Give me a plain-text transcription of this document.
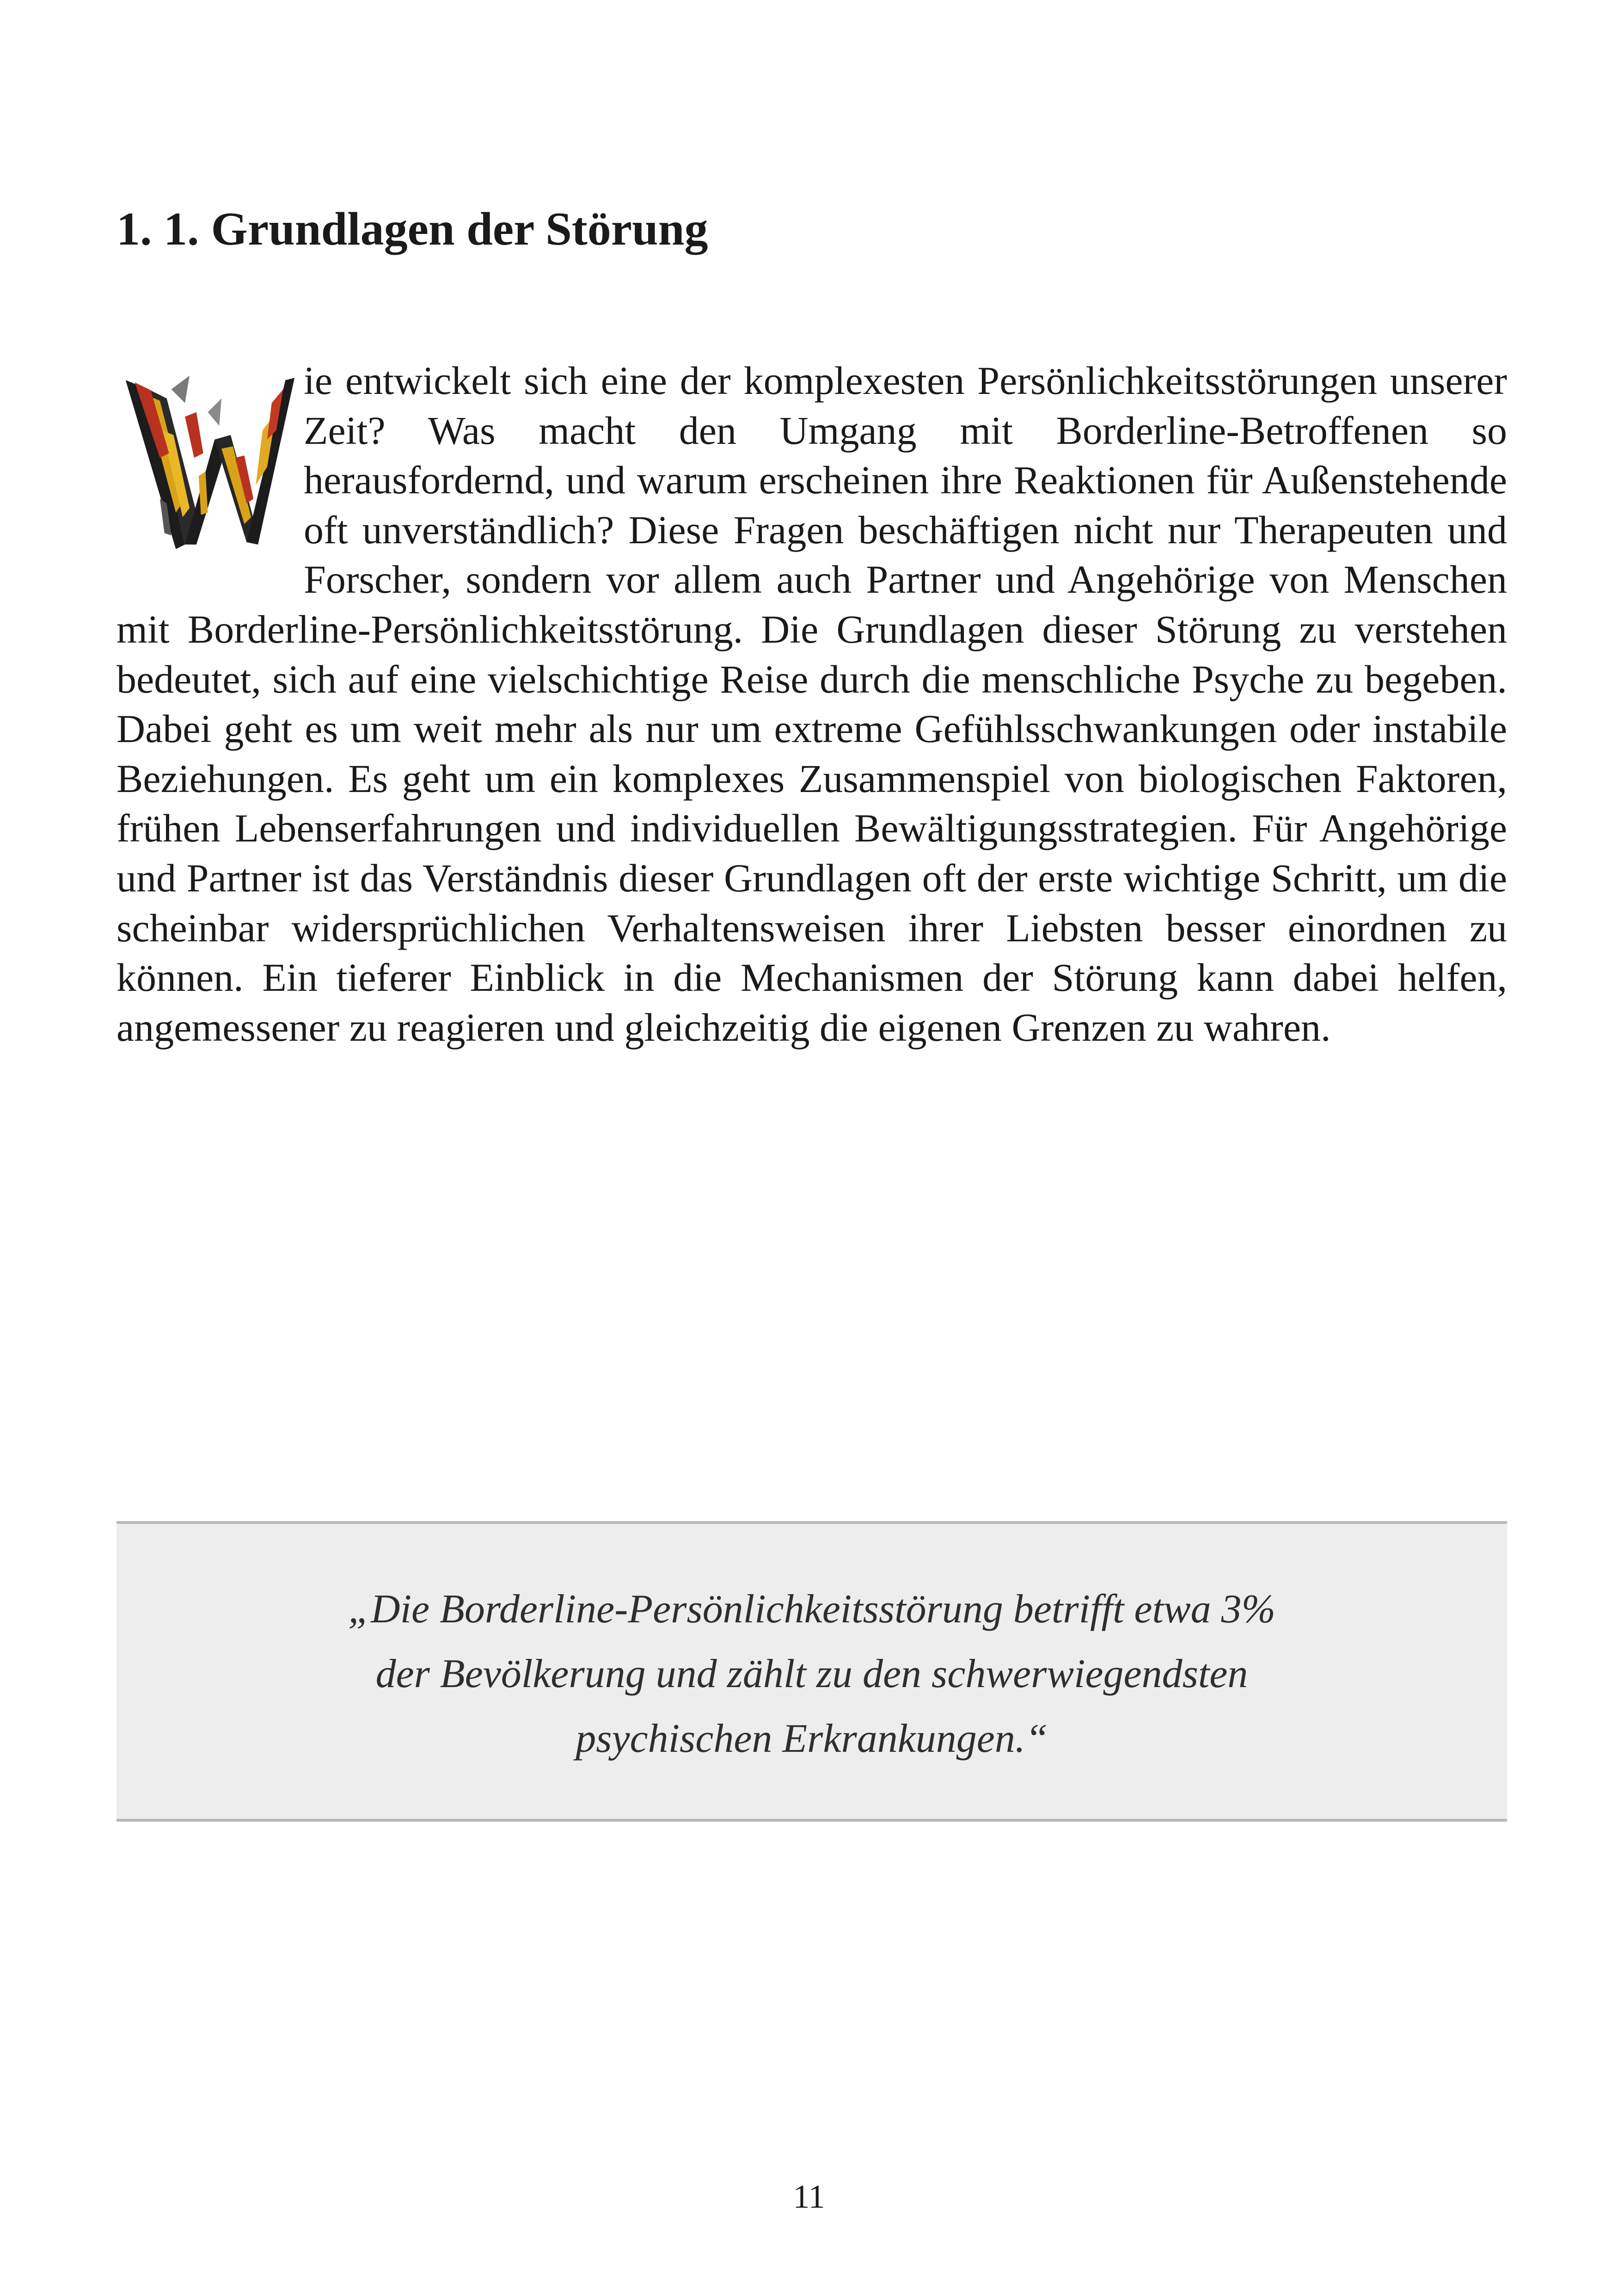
1. 1. Grundlagen der Störung
ie entwickelt sich eine der komplexesten Persönlichkeitsstörungen unserer Zeit? Was macht den Umgang mit Borderline-Betroffenen so herausfordernd, und warum erscheinen ihre Reaktionen für Außenstehende oft unverständlich? Diese Fragen beschäftigen nicht nur Therapeuten und Forscher, sondern vor allem auch Partner und Angehörige von Menschen mit Borderline-Persönlichkeitsstörung. Die Grundlagen dieser Störung zu verstehen bedeutet, sich auf eine vielschichtige Reise durch die menschliche Psyche zu begeben. Dabei geht es um weit mehr als nur um extreme Gefühlsschwankungen oder instabile Beziehungen. Es geht um ein komplexes Zusammenspiel von biologischen Faktoren, frühen Lebenserfahrungen und individuellen Bewältigungsstrategien. Für Angehörige und Partner ist das Verständnis dieser Grundlagen oft der erste wichtige Schritt, um die scheinbar widersprüchlichen Verhaltensweisen ihrer Liebsten besser einordnen zu können. Ein tieferer Einblick in die Mechanismen der Störung kann dabei helfen, angemessener zu reagieren und gleichzeitig die eigenen Grenzen zu wahren.
„Die Borderline-Persönlichkeitsstörung betrifft etwa 3%
der Bevölkerung und zählt zu den schwerwiegendsten
psychischen Erkrankungen.“
11
